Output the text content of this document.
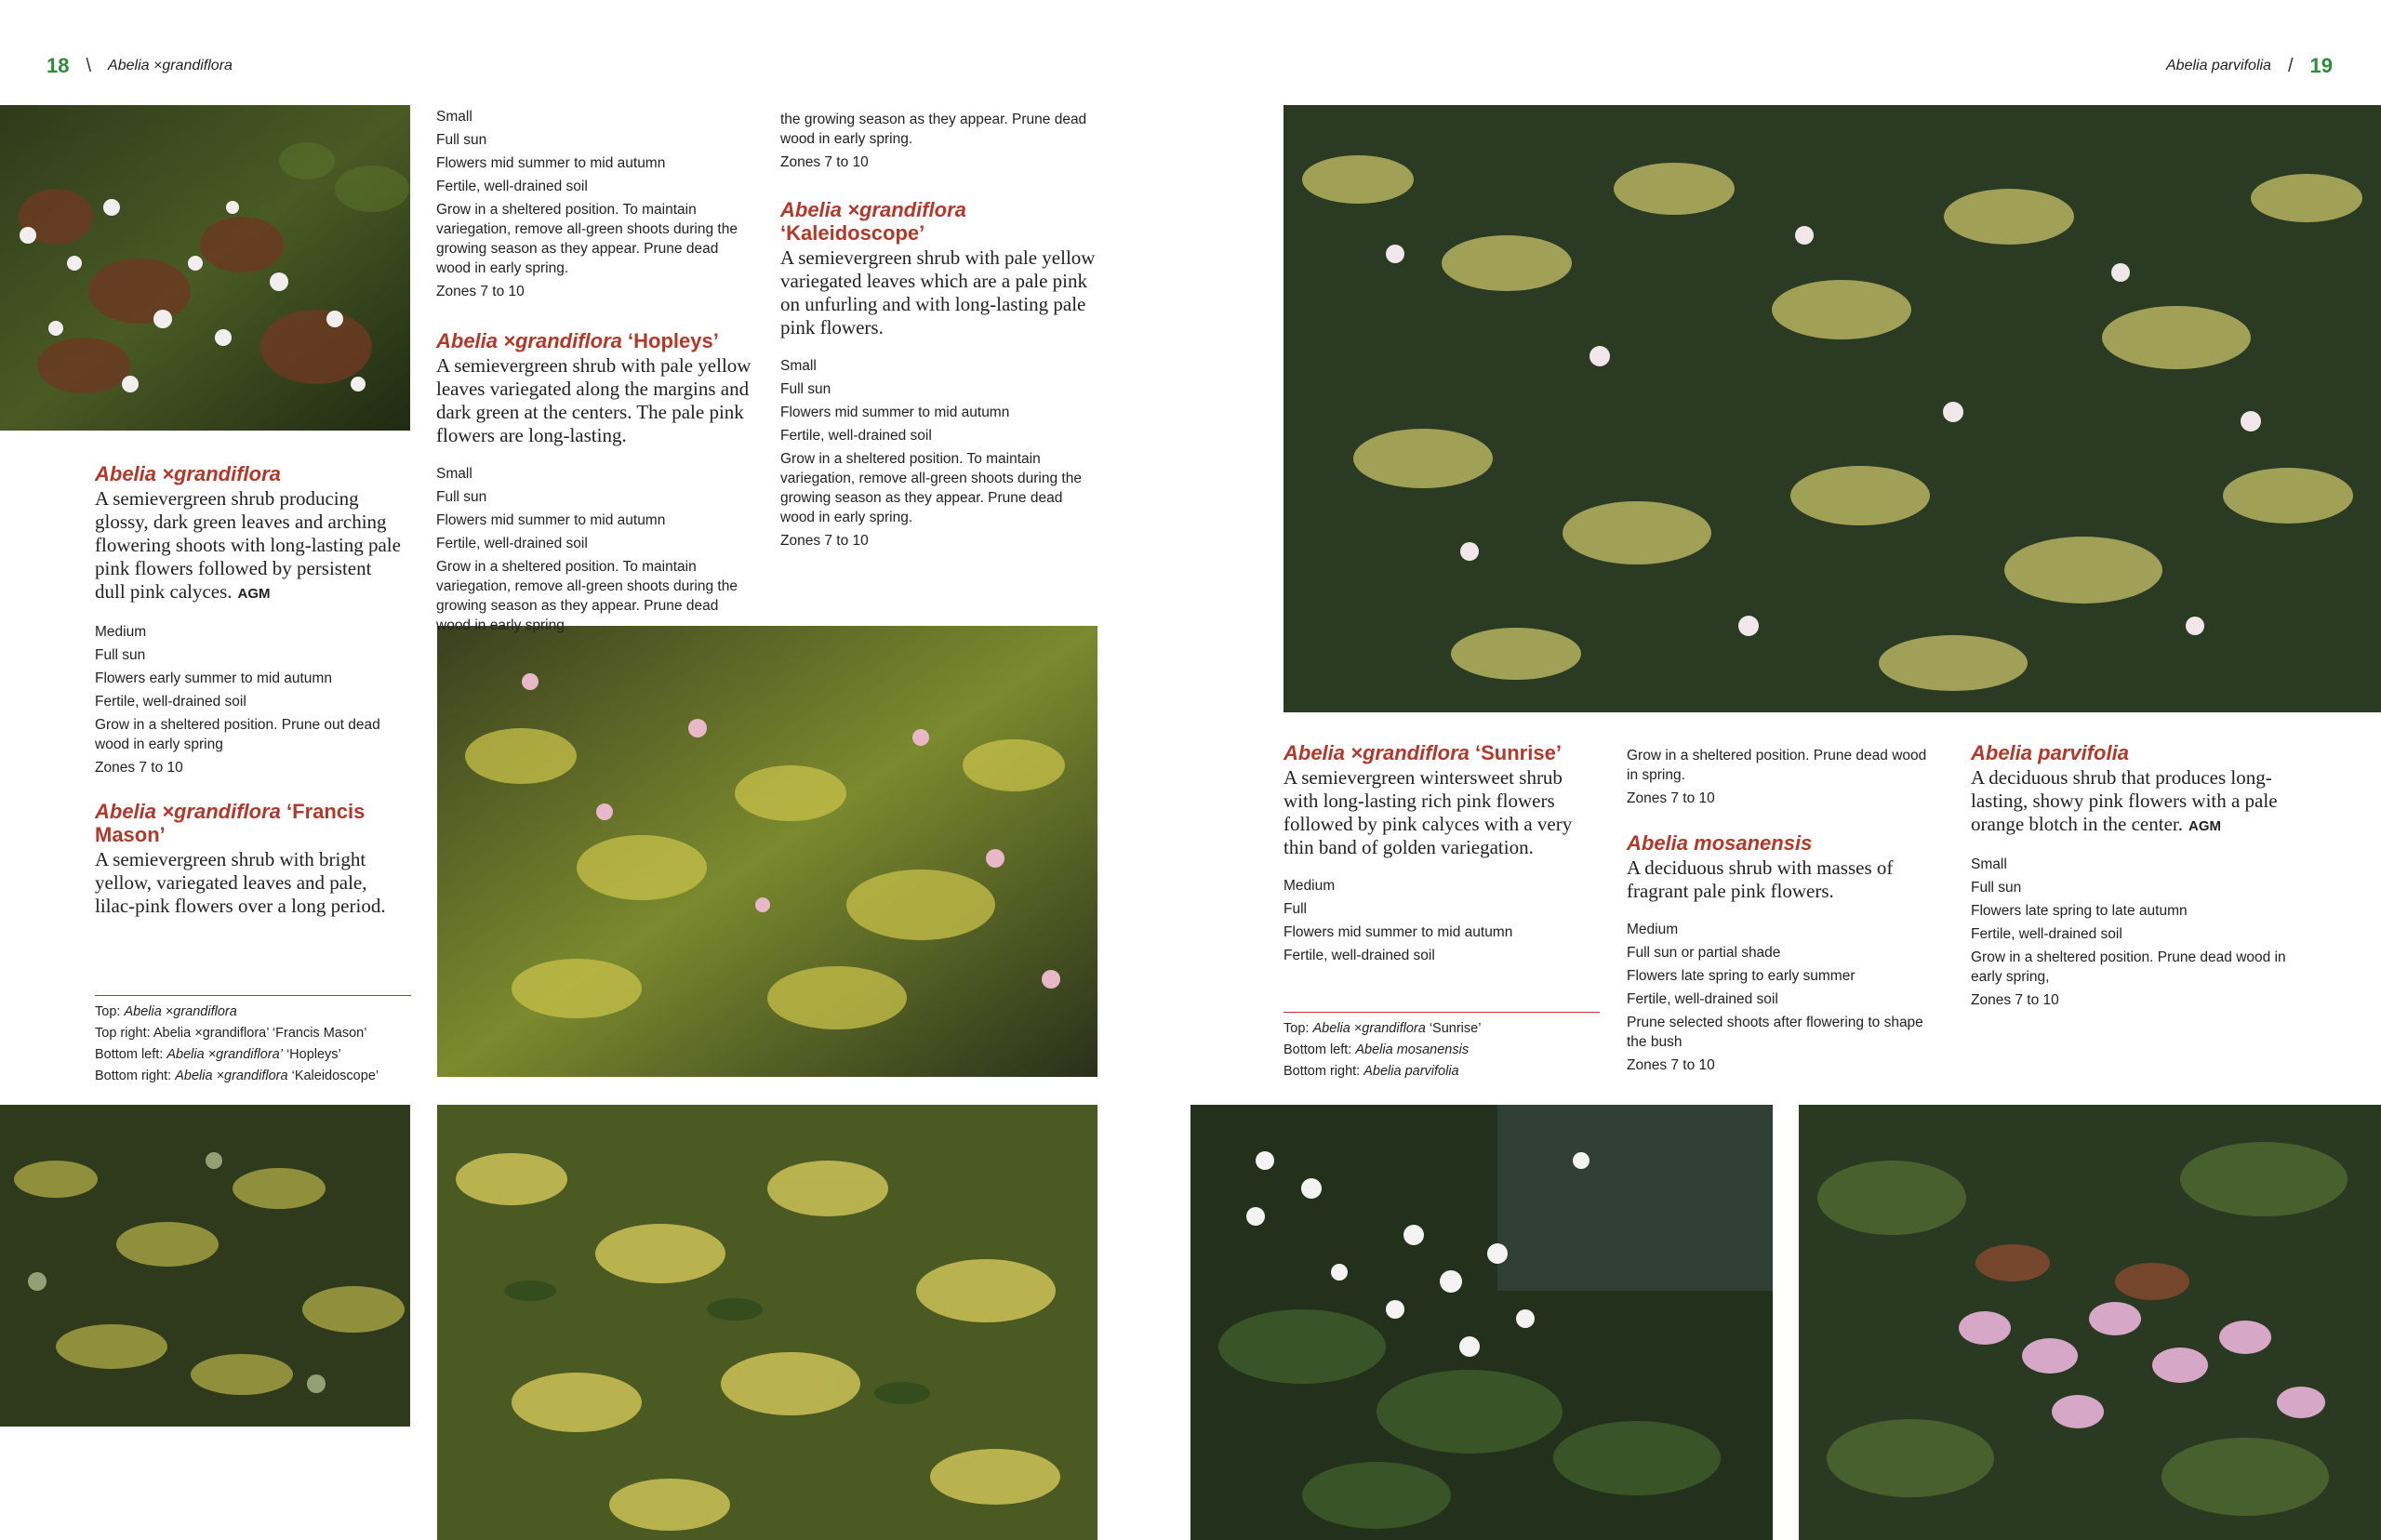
18 \ Abelia ×grandiflora	Abelia parvifolia / 19
Abelia ×grandiflora
A semievergreen shrub producing glossy, dark green leaves and arching flowering shoots with long-lasting pale pink flowers followed by persistent dull pink calyces. AGM
Medium
Full sun
Flowers early summer to mid autumn
Fertile, well-drained soil
Grow in a sheltered position. Prune out dead wood in early spring
Zones 7 to 10
Abelia ×grandiflora ‘Francis Mason’
A semievergreen shrub with bright yellow, variegated leaves and pale, lilac-pink flowers over a long period.
Small
Full sun
Flowers mid summer to mid autumn
Fertile, well-drained soil
Grow in a sheltered position. To maintain variegation, remove all-green shoots during the growing season as they appear. Prune dead wood in early spring.
Zones 7 to 10
Abelia ×grandiflora ‘Hopleys’
A semievergreen shrub with pale yellow leaves variegated along the margins and dark green at the centers. The pale pink flowers are long-lasting.
Small
Full sun
Flowers mid summer to mid autumn
Fertile, well-drained soil
Grow in a sheltered position. To maintain variegation, remove all-green shoots during the growing season as they appear. Prune dead wood in early spring.
the growing season as they appear. Prune dead wood in early spring.
Zones 7 to 10
Abelia ×grandiflora
‘Kaleidoscope’
A semievergreen shrub with pale yellow variegated leaves which are a pale pink on unfurling and with long-lasting pale pink flowers.
Small
Full sun
Flowers mid summer to mid autumn
Fertile, well-drained soil
Grow in a sheltered position. To maintain variegation, remove all-green shoots during the growing season as they appear. Prune dead wood in early spring.
Zones 7 to 10
Top: Abelia ×grandiflora
Top right: Abelia ×grandiflora’ ‘Francis Mason’
Bottom left: Abelia ×grandiflora’ ‘Hopleys’
Bottom right: Abelia ×grandiflora ‘Kaleidoscope’
Abelia ×grandiflora ‘Sunrise’
A semievergreen wintersweet shrub with long-lasting rich pink flowers followed by pink calyces with a very thin band of golden variegation.
Medium
Full
Flowers mid summer to mid autumn
Fertile, well-drained soil
Top: Abelia ×grandiflora ‘Sunrise’
Bottom left: Abelia mosanensis
Bottom right: Abelia parvifolia
Grow in a sheltered position. Prune dead wood in spring.
Zones 7 to 10
Abelia mosanensis
A deciduous shrub with masses of fragrant pale pink flowers.
Medium
Full sun or partial shade
Flowers late spring to early summer
Fertile, well-drained soil
Prune selected shoots after flowering to shape the bush
Zones 7 to 10
Abelia parvifolia
A deciduous shrub that produces long-lasting, showy pink flowers with a pale orange blotch in the center. AGM
Small
Full sun
Flowers late spring to late autumn
Fertile, well-drained soil
Grow in a sheltered position. Prune dead wood in early spring,
Zones 7 to 10
